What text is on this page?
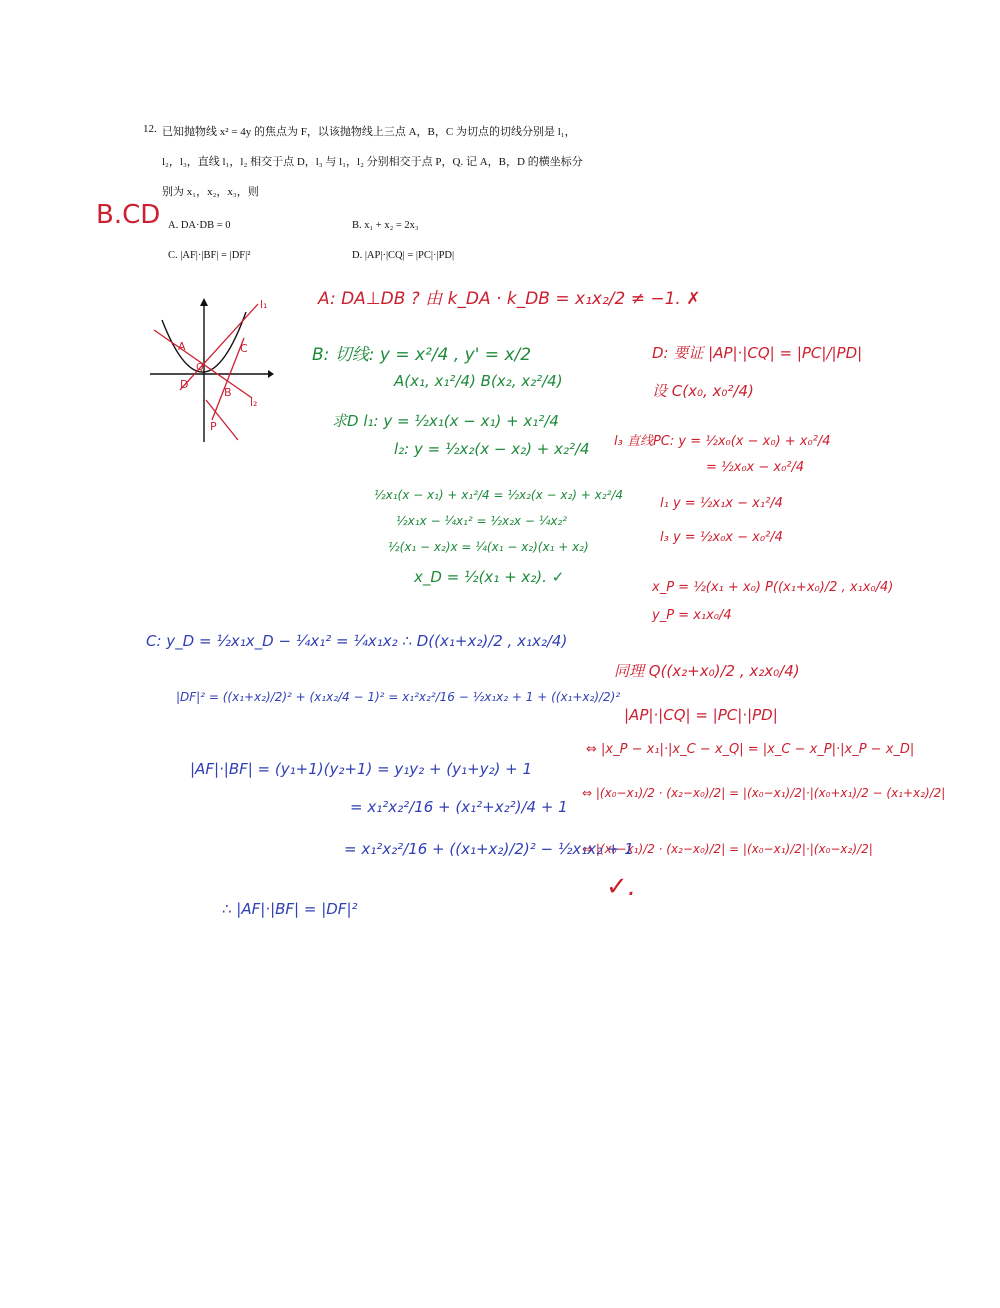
12. 已知抛物线 x² = 4y 的焦点为 F，以该抛物线上三点 A，B，C 为切点的切线分别是 l₁，
l₂，l₃，直线 l₁，l₂ 相交于点 D，l₃ 与 l₁，l₂ 分别相交于点 P，Q. 记 A，B，D 的横坐标分
别为 x₁，x₂，x₃，则
B.CD A. DA·DB = 0	B. x₁ + x₂ = 2x₃
C. |AF|·|BF| = |DF|²	D. |AP|·|CQ| = |PC|·|PD|
l₁
l₂
A	C
B
D
P
Q
A: DA⊥DB ? 由 k_DA · k_DB = x₁x₂/2 ≠ −1. ✗
B: 切线: y = x²/4 , y' = x/2
A(x₁, x₁²/4) B(x₂, x₂²/4)
求D l₁: y = ½x₁(x − x₁) + x₁²/4
l₂: y = ½x₂(x − x₂) + x₂²/4
½x₁(x − x₁) + x₁²/4 = ½x₂(x − x₂) + x₂²/4
½x₁x − ¼x₁² = ½x₂x − ¼x₂²
½(x₁ − x₂)x = ¼(x₁ − x₂)(x₁ + x₂)
x_D = ½(x₁ + x₂). ✓
D: 要证 |AP|·|CQ| = |PC|/|PD|
设 C(x₀, x₀²/4)
l₃ 直线PC: y = ½x₀(x − x₀) + x₀²/4
= ½x₀x − x₀²/4
l₁ y = ½x₁x − x₁²/4
l₃ y = ½x₀x − x₀²/4
x_P = ½(x₁ + x₀) P((x₁+x₀)/2 , x₁x₀/4)
y_P = x₁x₀/4
同理 Q((x₂+x₀)/2 , x₂x₀/4)
|AP|·|CQ| = |PC|·|PD|
⇔ |x_P − x₁|·|x_C − x_Q| = |x_C − x_P|·|x_P − x_D|
⇔ |(x₀−x₁)/2 · (x₂−x₀)/2| = |(x₀−x₁)/2|·|(x₀+x₁)/2 − (x₁+x₂)/2|
⇔ |(x₀−x₁)/2 · (x₂−x₀)/2| = |(x₀−x₁)/2|·|(x₀−x₂)/2|
✓.
C: y_D = ½x₁x_D − ¼x₁² = ¼x₁x₂ ∴ D((x₁+x₂)/2 , x₁x₂/4)
|DF|² = ((x₁+x₂)/2)² + (x₁x₂/4 − 1)² = x₁²x₂²/16 − ½x₁x₂ + 1 + ((x₁+x₂)/2)²
|AF|·|BF| = (y₁+1)(y₂+1) = y₁y₂ + (y₁+y₂) + 1
= x₁²x₂²/16 + (x₁²+x₂²)/4 + 1
= x₁²x₂²/16 + ((x₁+x₂)/2)² − ½x₁x₂ + 1
∴ |AF|·|BF| = |DF|²
